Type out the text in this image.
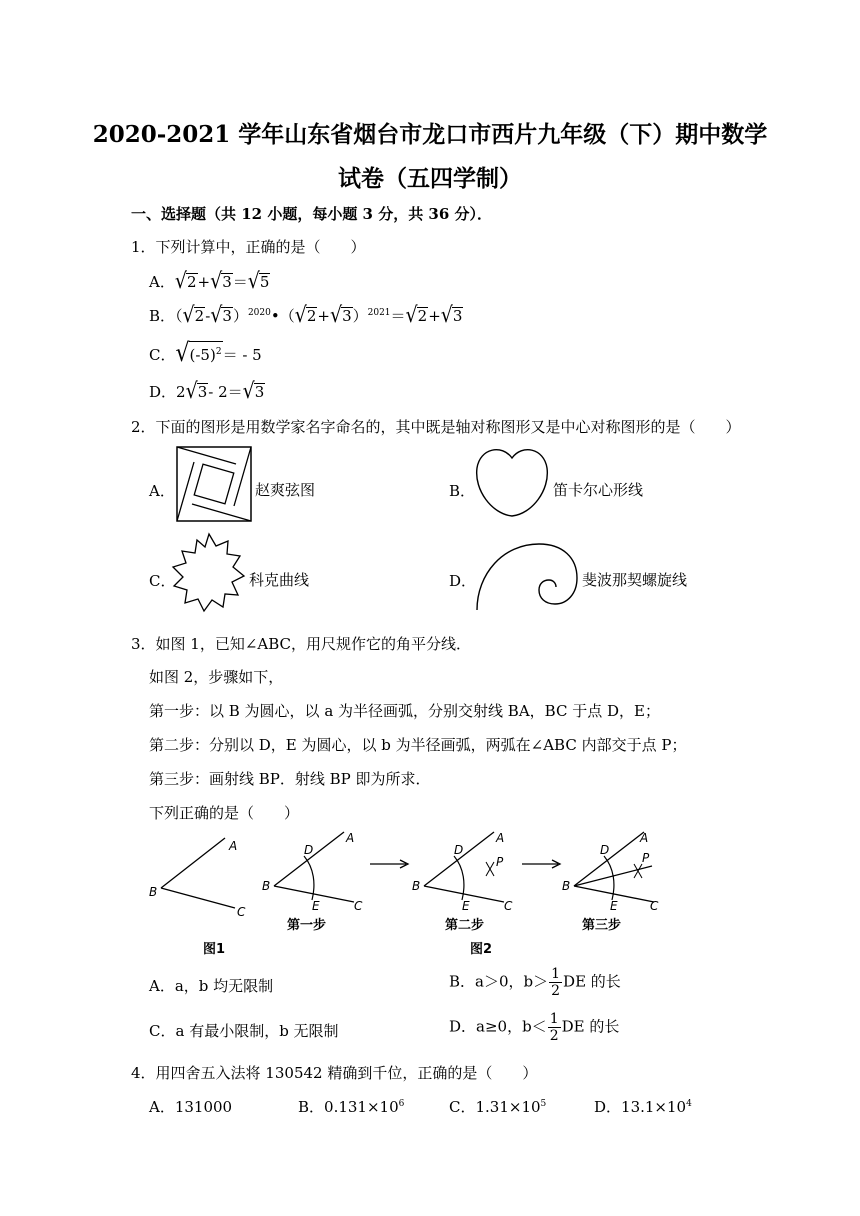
2020-2021 学年山东省烟台市龙口市西片九年级（下）期中数学
试卷（五四学制）
一、选择题（共 12 小题，每小题 3 分，共 36 分）．
1．下列计算中，正确的是（　　）
A．√2+√3＝√5
B．$(√2-√3)^{2020}•(√2+√3)^{2021}=√2+√3$
C．$√(-5)^2= - 5$
D．2√3- 2＝√3
2．下面的图形是用数学家名字命名的，其中既是轴对称图形又是中心对称图形的是（　　）
A．	赵爽弦图	B．	笛卡尔心形线
C．	科克曲线	D．	斐波那契螺旋线
3．如图 1，已知∠ABC，用尺规作它的角平分线．
如图 2，步骤如下，
第一步：以 B 为圆心，以 a 为半径画弧，分别交射线 BA，BC 于点 D，E；
第二步：分别以 D，E 为圆心，以 b 为半径画弧，两弧在∠ABC 内部交于点 P；
第三步：画射线 BP．射线 BP 即为所求．
下列正确的是（　　）
A
B
C
图1
A
B
C
D
E
第一步
A
B
C
D
E
P
第二步
图2
A
B
C
D
E
P
第三步
A．a，b 均无限制	B．a＞0，$b> \frac{1}{2}$ DE 的长
C．a 有最小限制，b 无限制	D．a≥0，$b< \frac{1}{2}$ DE 的长
4．用四舍五入法将 130542 精确到千位，正确的是（　　）
A．131000	B．$0.131\times 10^6$	C．$1.31\times 10^5$	D．$13.1\times 10^4$
